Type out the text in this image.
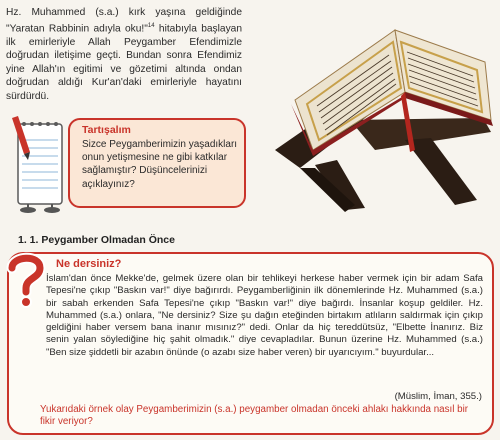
Hz. Muhammed (s.a.) kırk yaşına geldiğinde "Yaratan Rabbinin adıyla oku!"$^{14}$ hitabıyla başlayan ilk emirleriyle Allah Peygamber Efendimizle doğrudan iletişime geçti. Bundan sonra Efendimiz yine Allah'ın egitimi ve gözetimi altında ondan doğrudan aldığı Kur'an'daki emirleriyle hayatını sürdürdü.
Tartışalım
Sizce Peygamberimizin yaşadıkları onun yetişmesine ne gibi katkılar sağlamıştır? Düşüncelerinizi açıklayınız?
1. 1. Peygamber Olmadan Önce
Ne dersiniz?
İslam'dan önce Mekke'de, gelmek üzere olan bir tehlikeyi herkese haber vermek için bir adam Safa Tepesi'ne çıkıp "Baskın var!" diye bağırırdı. Peygamberliğinin ilk dönemlerinde Hz. Muhammed (s.a.) bir sabah erkenden Safa Tepesi'ne çıkıp "Baskın var!" diye bağırdı. İnsanlar koşup geldiler. Hz. Muhammed (s.a.) onlara, "Ne dersiniz? Size şu dağın eteğinden birtakım atlıların saldırmak için çıkıp geldiğini haber versem bana inanır mısınız?" dedi. Onlar da hiç tereddütsüz, "Elbette İnanırız. Biz senin yalan söylediğine hiç şahit olmadık." diye cevapladılar. Bunun üzerine Hz. Muhammed (s.a.) "Ben size şiddetli bir azabın önünde (o azabı size haber veren) bir uyarıcıyım." buyurdular...
(Müslim, İman, 355.)
Yukarıdaki örnek olay Peygamberimizin (s.a.) peygamber olmadan önceki ahlakı hakkında nasıl bir fikir veriyor?
